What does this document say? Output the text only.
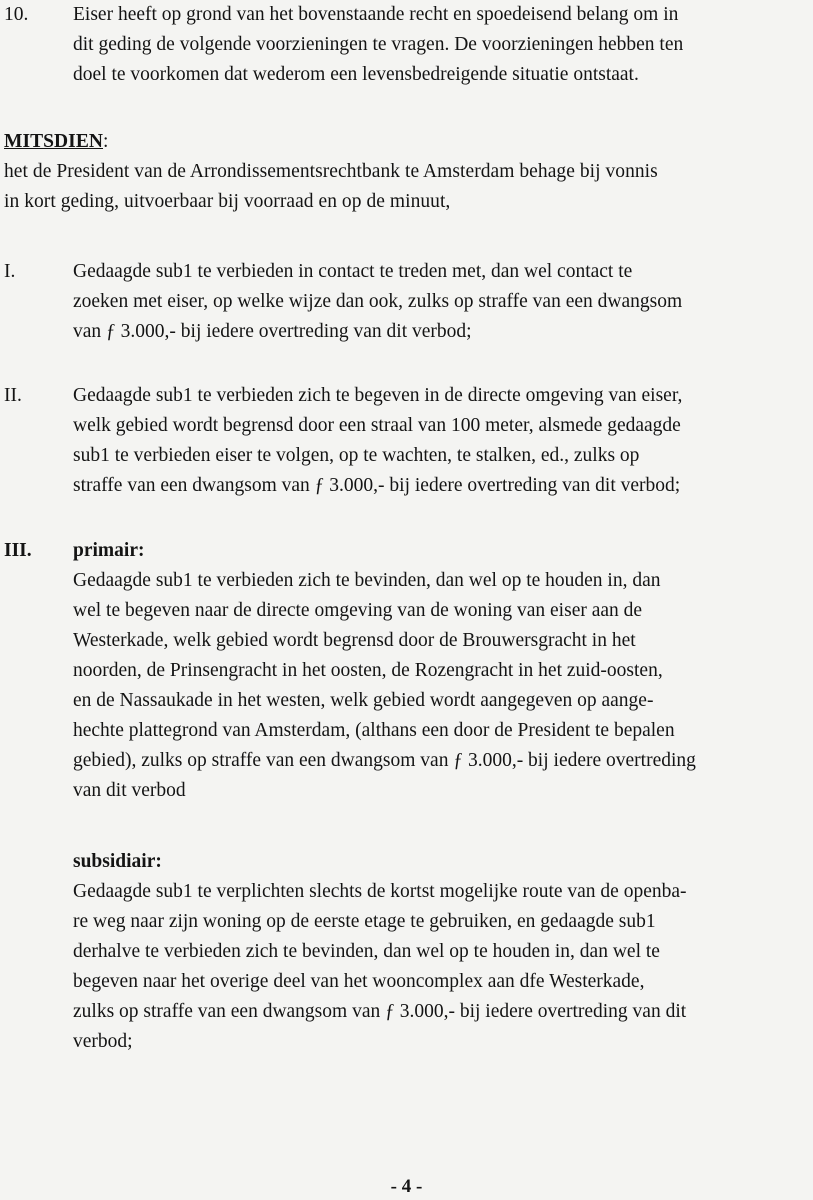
10. Eiser heeft op grond van het bovenstaande recht en spoedeisend belang om in
dit geding de volgende voorzieningen te vragen. De voorzieningen hebben ten
doel te voorkomen dat wederom een levensbedreigende situatie ontstaat.
MITSDIEN:
het de President van de Arrondissementsrechtbank te Amsterdam behage bij vonnis
in kort geding, uitvoerbaar bij voorraad en op de minuut,
I.	Gedaagde sub1 te verbieden in contact te treden met, dan wel contact te
zoeken met eiser, op welke wijze dan ook, zulks op straffe van een dwangsom
van ƒ 3.000,- bij iedere overtreding van dit verbod;
II.	Gedaagde sub1 te verbieden zich te begeven in de directe omgeving van eiser,
welk gebied wordt begrensd door een straal van 100 meter, alsmede gedaagde
sub1 te verbieden eiser te volgen, op te wachten, te stalken, ed., zulks op
straffe van een dwangsom van ƒ 3.000,- bij iedere overtreding van dit verbod;
III. primair:
Gedaagde sub1 te verbieden zich te bevinden, dan wel op te houden in, dan
wel te begeven naar de directe omgeving van de woning van eiser aan de
Westerkade, welk gebied wordt begrensd door de Brouwersgracht in het
noorden, de Prinsengracht in het oosten, de Rozengracht in het zuid-oosten,
en de Nassaukade in het westen, welk gebied wordt aangegeven op aange-
hechte plattegrond van Amsterdam, (althans een door de President te bepalen
gebied), zulks op straffe van een dwangsom van ƒ 3.000,- bij iedere overtreding
van dit verbod
subsidiair:
Gedaagde sub1 te verplichten slechts de kortst mogelijke route van de openba-
re weg naar zijn woning op de eerste etage te gebruiken, en gedaagde sub1
derhalve te verbieden zich te bevinden, dan wel op te houden in, dan wel te
begeven naar het overige deel van het wooncomplex aan dfe Westerkade,
zulks op straffe van een dwangsom van ƒ 3.000,- bij iedere overtreding van dit
verbod;
- 4 -
